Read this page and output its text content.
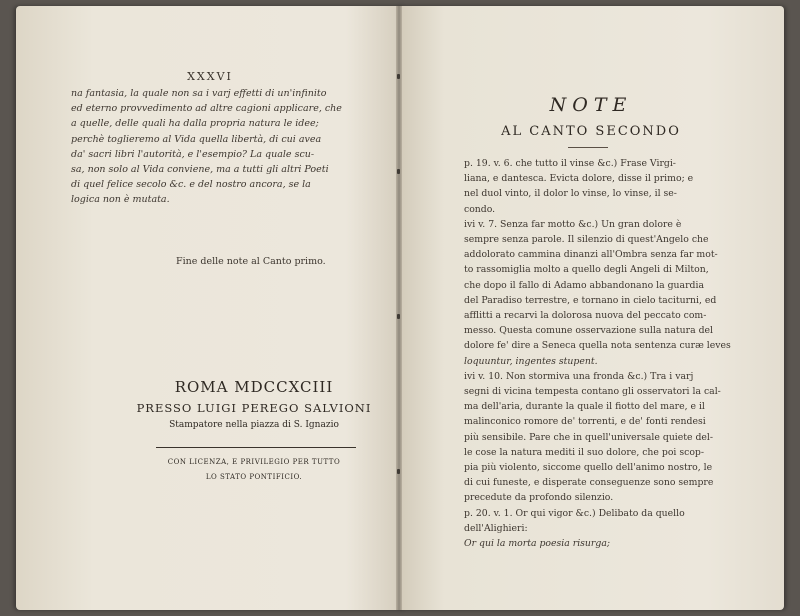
XXXVI
na fantasia, la quale non sa i varj effetti di un'infinito
ed eterno provvedimento ad altre cagioni applicare, che
a quelle, delle quali ha dalla propria natura le idee;
perchè toglieremo al Vida quella libertà, di cui avea
da' sacri libri l'autorità, e l'esempio? La quale scu-
sa, non solo al Vida conviene, ma a tutti gli altri Poeti
di quel felice secolo &c. e del nostro ancora, se la
logica non è mutata.
Fine delle note al Canto primo.
ROMA MDCCXCIII
PRESSO LUIGI PEREGO SALVIONI
Stampatore nella piazza di S. Ignazio
CON LICENZA, E PRIVILEGIO PER TUTTO
LO STATO PONTIFICIO.
NOTE
AL CANTO SECONDO
p. 19. v. 6. che tutto il vinse &c.) Frase Virgi-
liana, e dantesca. Evicta dolore, disse il primo; e
nel duol vinto, il dolor lo vinse, lo vinse, il se-
condo.
ivi v. 7. Senza far motto &c.) Un gran dolore è
sempre senza parole. Il silenzio di quest'Angelo che
addolorato cammina dinanzi all'Ombra senza far mot-
to rassomiglia molto a quello degli Angeli di Milton,
che dopo il fallo di Adamo abbandonano la guardia
del Paradiso terrestre, e tornano in cielo taciturni, ed
afflitti a recarvi la dolorosa nuova del peccato com-
messo. Questa comune osservazione sulla natura del
dolore fe' dire a Seneca quella nota sentenza curæ leves
loquuntur, ingentes stupent.
ivi v. 10. Non stormiva una fronda &c.) Tra i varj
segni di vicina tempesta contano gli osservatori la cal-
ma dell'aria, durante la quale il fiotto del mare, e il
malinconico romore de' torrenti, e de' fonti rendesi
più sensibile. Pare che in quell'universale quiete del-
le cose la natura mediti il suo dolore, che poi scop-
pia più violento, siccome quello dell'animo nostro, le
di cui funeste, e disperate conseguenze sono sempre
precedute da profondo silenzio.
p. 20. v. 1. Or qui vigor &c.) Delibato da quello
dell'Alighieri:
Or qui la morta poesia risurga;
